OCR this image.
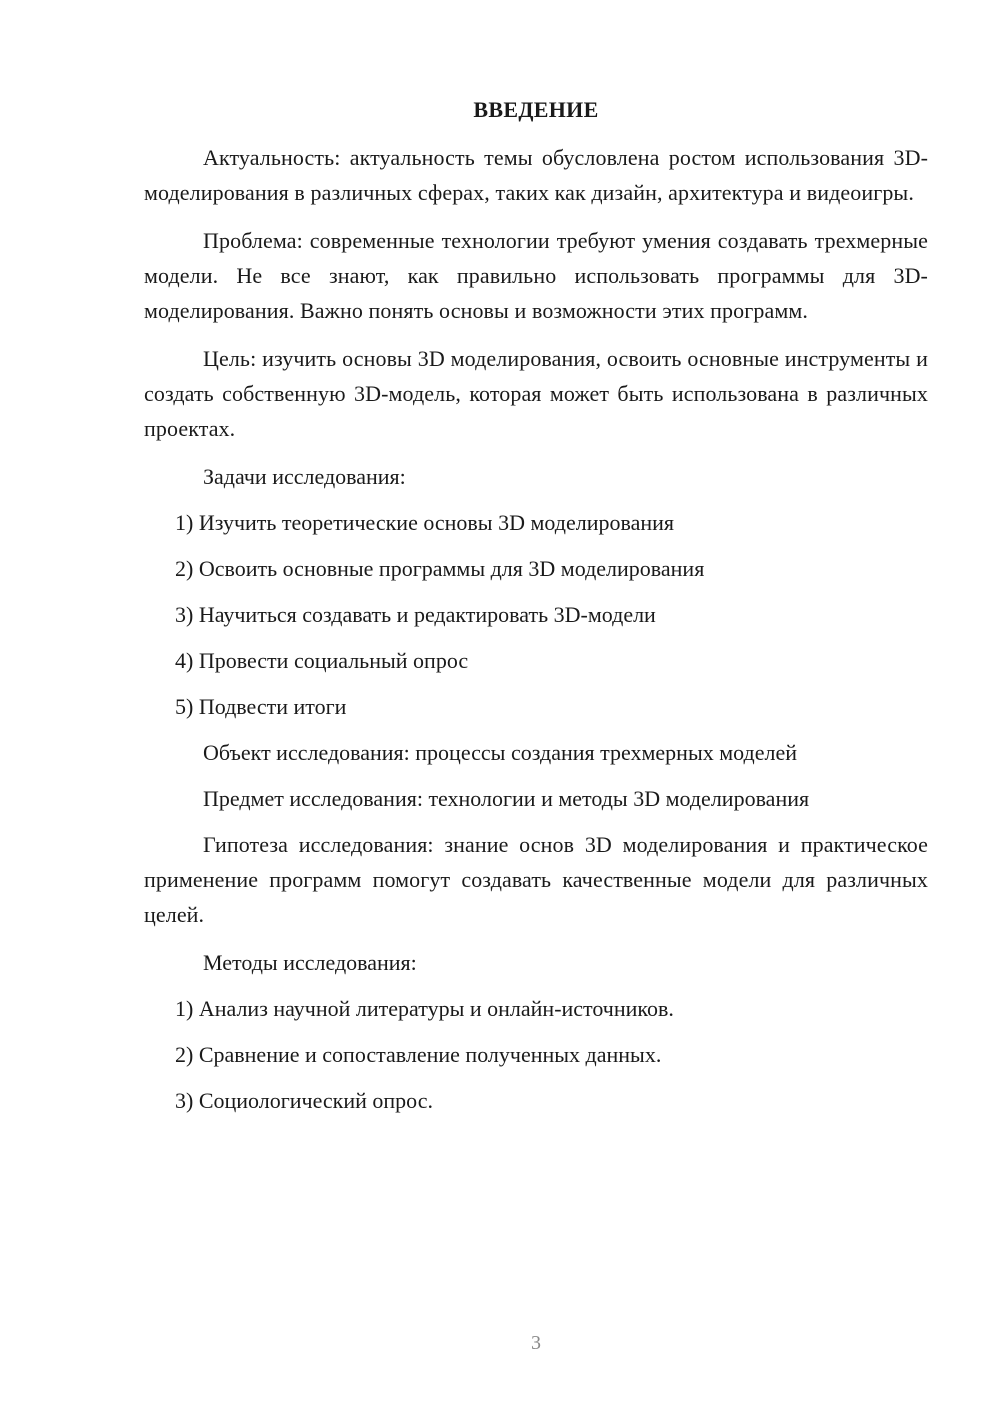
ВВЕДЕНИЕ

Актуальность: актуальность темы обусловлена ростом использования 3D-моделирования в различных сферах, таких как дизайн, архитектура и видеоигры.

Проблема: современные технологии требуют умения создавать трехмерные модели. Не все знают, как правильно использовать программы для 3D-моделирования. Важно понять основы и возможности этих программ.

Цель: изучить основы 3D моделирования, освоить основные инструменты и создать собственную 3D-модель, которая может быть использована в различных проектах.

Задачи исследования:
1) Изучить теоретические основы 3D моделирования
2) Освоить основные программы для 3D моделирования
3) Научиться создавать и редактировать 3D-модели
4) Провести социальный опрос
5) Подвести итоги
Объект исследования: процессы создания трехмерных моделей
Предмет исследования: технологии и методы 3D моделирования

Гипотеза исследования: знание основ 3D моделирования и практическое применение программ помогут создавать качественные модели для различных целей.

Методы исследования:
1) Анализ научной литературы и онлайн-источников.
2) Сравнение и сопоставление полученных данных.
3) Социологический опрос.
3
